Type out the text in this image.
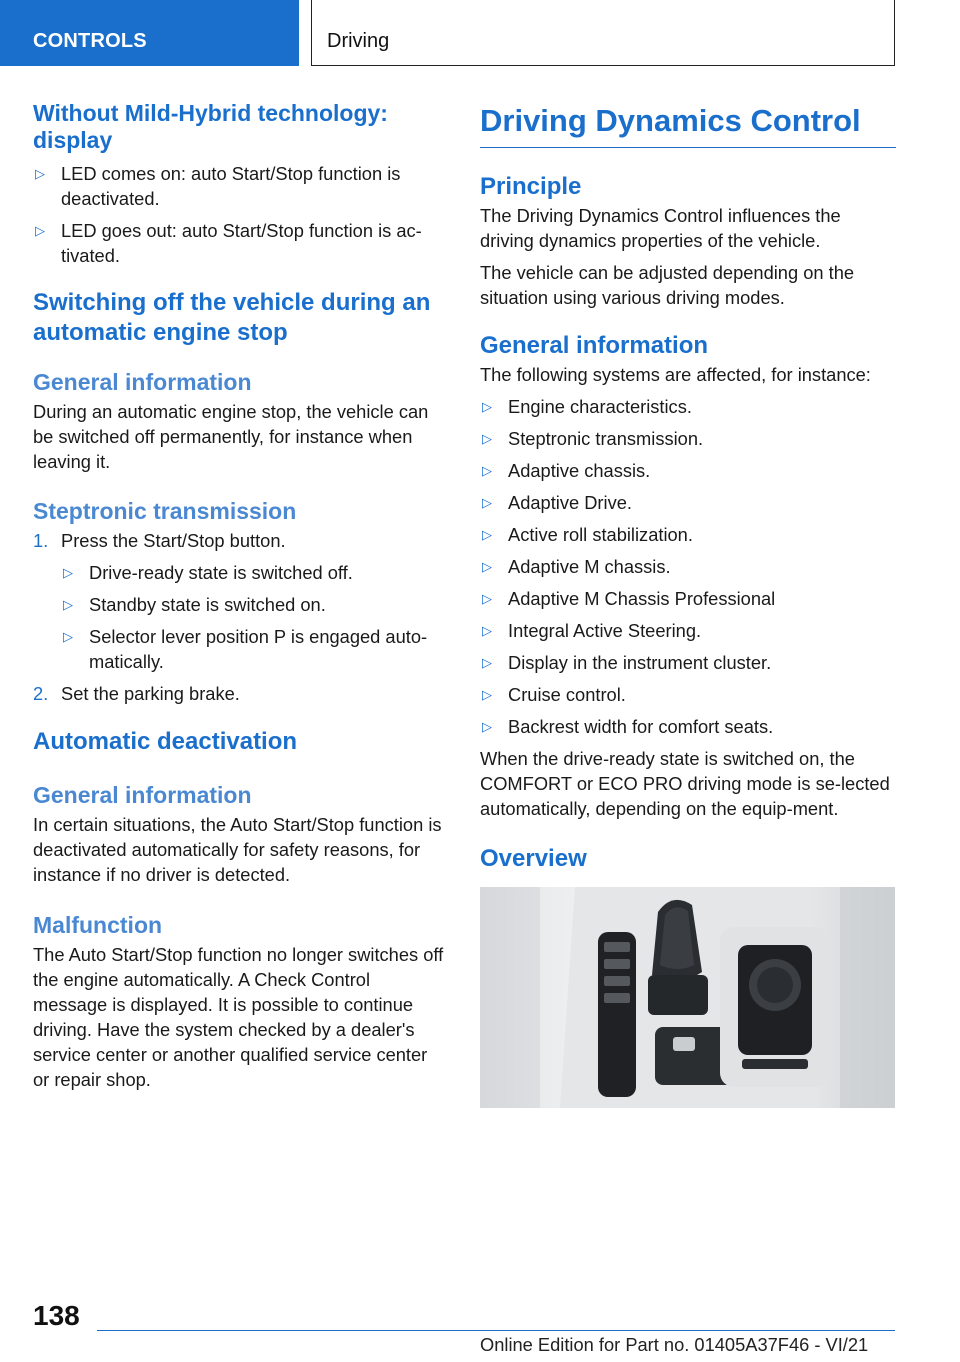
CONTROLS	Driving
Without Mild-Hybrid technology: display
▷ LED comes on: auto Start/Stop function is deactivated.
▷ LED goes out: auto Start/Stop function is ac‐tivated.
Switching off the vehicle during an automatic engine stop
General information

During an automatic engine stop, the vehicle can be switched off permanently, for instance when leaving it.

Steptronic transmission
1. Press the Start/Stop button.
▷ Drive-ready state is switched off.
▷ Standby state is switched on.
▷ Selector lever position P is engaged auto‐matically.
2. Set the parking brake.
Automatic deactivation
General information

In certain situations, the Auto Start/Stop function is deactivated automatically for safety reasons, for instance if no driver is detected.

Malfunction

The Auto Start/Stop function no longer switches off the engine automatically. A Check Control message is displayed. It is possible to continue driving. Have the system checked by a dealer's service center or another qualified service center or repair shop.

Driving Dynamics Control
Principle

The Driving Dynamics Control influences the driving dynamics properties of the vehicle.

The vehicle can be adjusted depending on the situation using various driving modes.

General information

The following systems are affected, for instance:

▷ Engine characteristics.
▷ Steptronic transmission.
▷ Adaptive chassis.
▷ Adaptive Drive.
▷ Active roll stabilization.
▷ Adaptive M chassis.
▷ Adaptive M Chassis Professional
▷ Integral Active Steering.
▷ Display in the instrument cluster.
▷ Cruise control.
▷ Backrest width for comfort seats.

When the drive-ready state is switched on, the COMFORT or ECO PRO driving mode is se‐lected automatically, depending on the equip‐ment.

Overview
138
Online Edition for Part no. 01405A37F46 - VI/21
